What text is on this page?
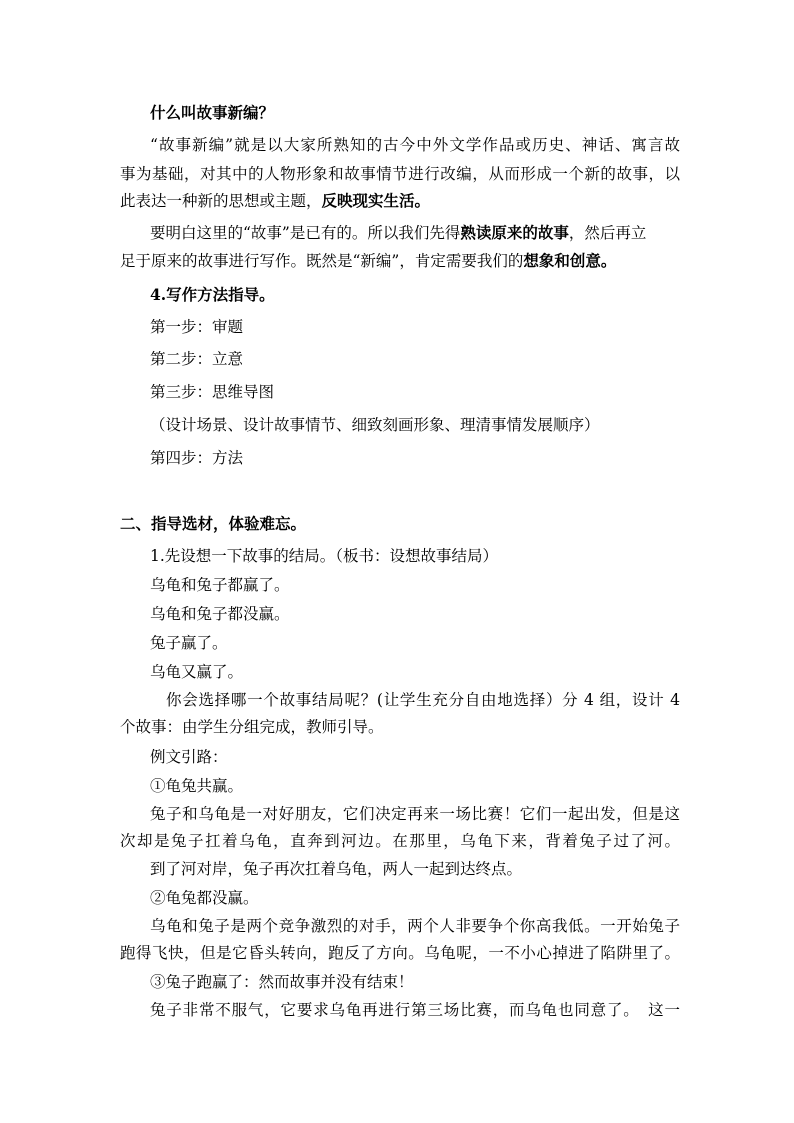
什么叫故事新编？
“故事新编”就是以大家所熟知的古今中外文学作品或历史、神话、寓言故
事为基础，对其中的人物形象和故事情节进行改编，从而形成一个新的故事，以
此表达一种新的思想或主题，反映现实生活。
要明白这里的“故事”是已有的。所以我们先得熟读原来的故事，然后再立
足于原来的故事进行写作。既然是“新编”，肯定需要我们的想象和创意。
4.写作方法指导。
第一步：审题
第二步：立意
第三步：思维导图
（设计场景、设计故事情节、细致刻画形象、理清事情发展顺序）
第四步：方法
二、指导选材，体验难忘。
1.先设想一下故事的结局。（板书：设想故事结局）
乌龟和兔子都赢了。
乌龟和兔子都没赢。
兔子赢了。
乌龟又赢了。
你会选择哪一个故事结局呢？(让学生充分自由地选择）分 4 组，设计 4
个故事：由学生分组完成，教师引导。
例文引路：
①龟兔共赢。
兔子和乌龟是一对好朋友，它们决定再来一场比赛！它们一起出发，但是这
次却是兔子扛着乌龟，直奔到河边。在那里，乌龟下来，背着兔子过了河。
到了河对岸，兔子再次扛着乌龟，两人一起到达终点。
②龟兔都没赢。
乌龟和兔子是两个竞争激烈的对手，两个人非要争个你高我低。一开始兔子
跑得飞快，但是它昏头转向，跑反了方向。乌龟呢，一不小心掉进了陷阱里了。
③兔子跑赢了：然而故事并没有结束！
兔子非常不服气，它要求乌龟再进行第三场比赛，而乌龟也同意了。　这一
